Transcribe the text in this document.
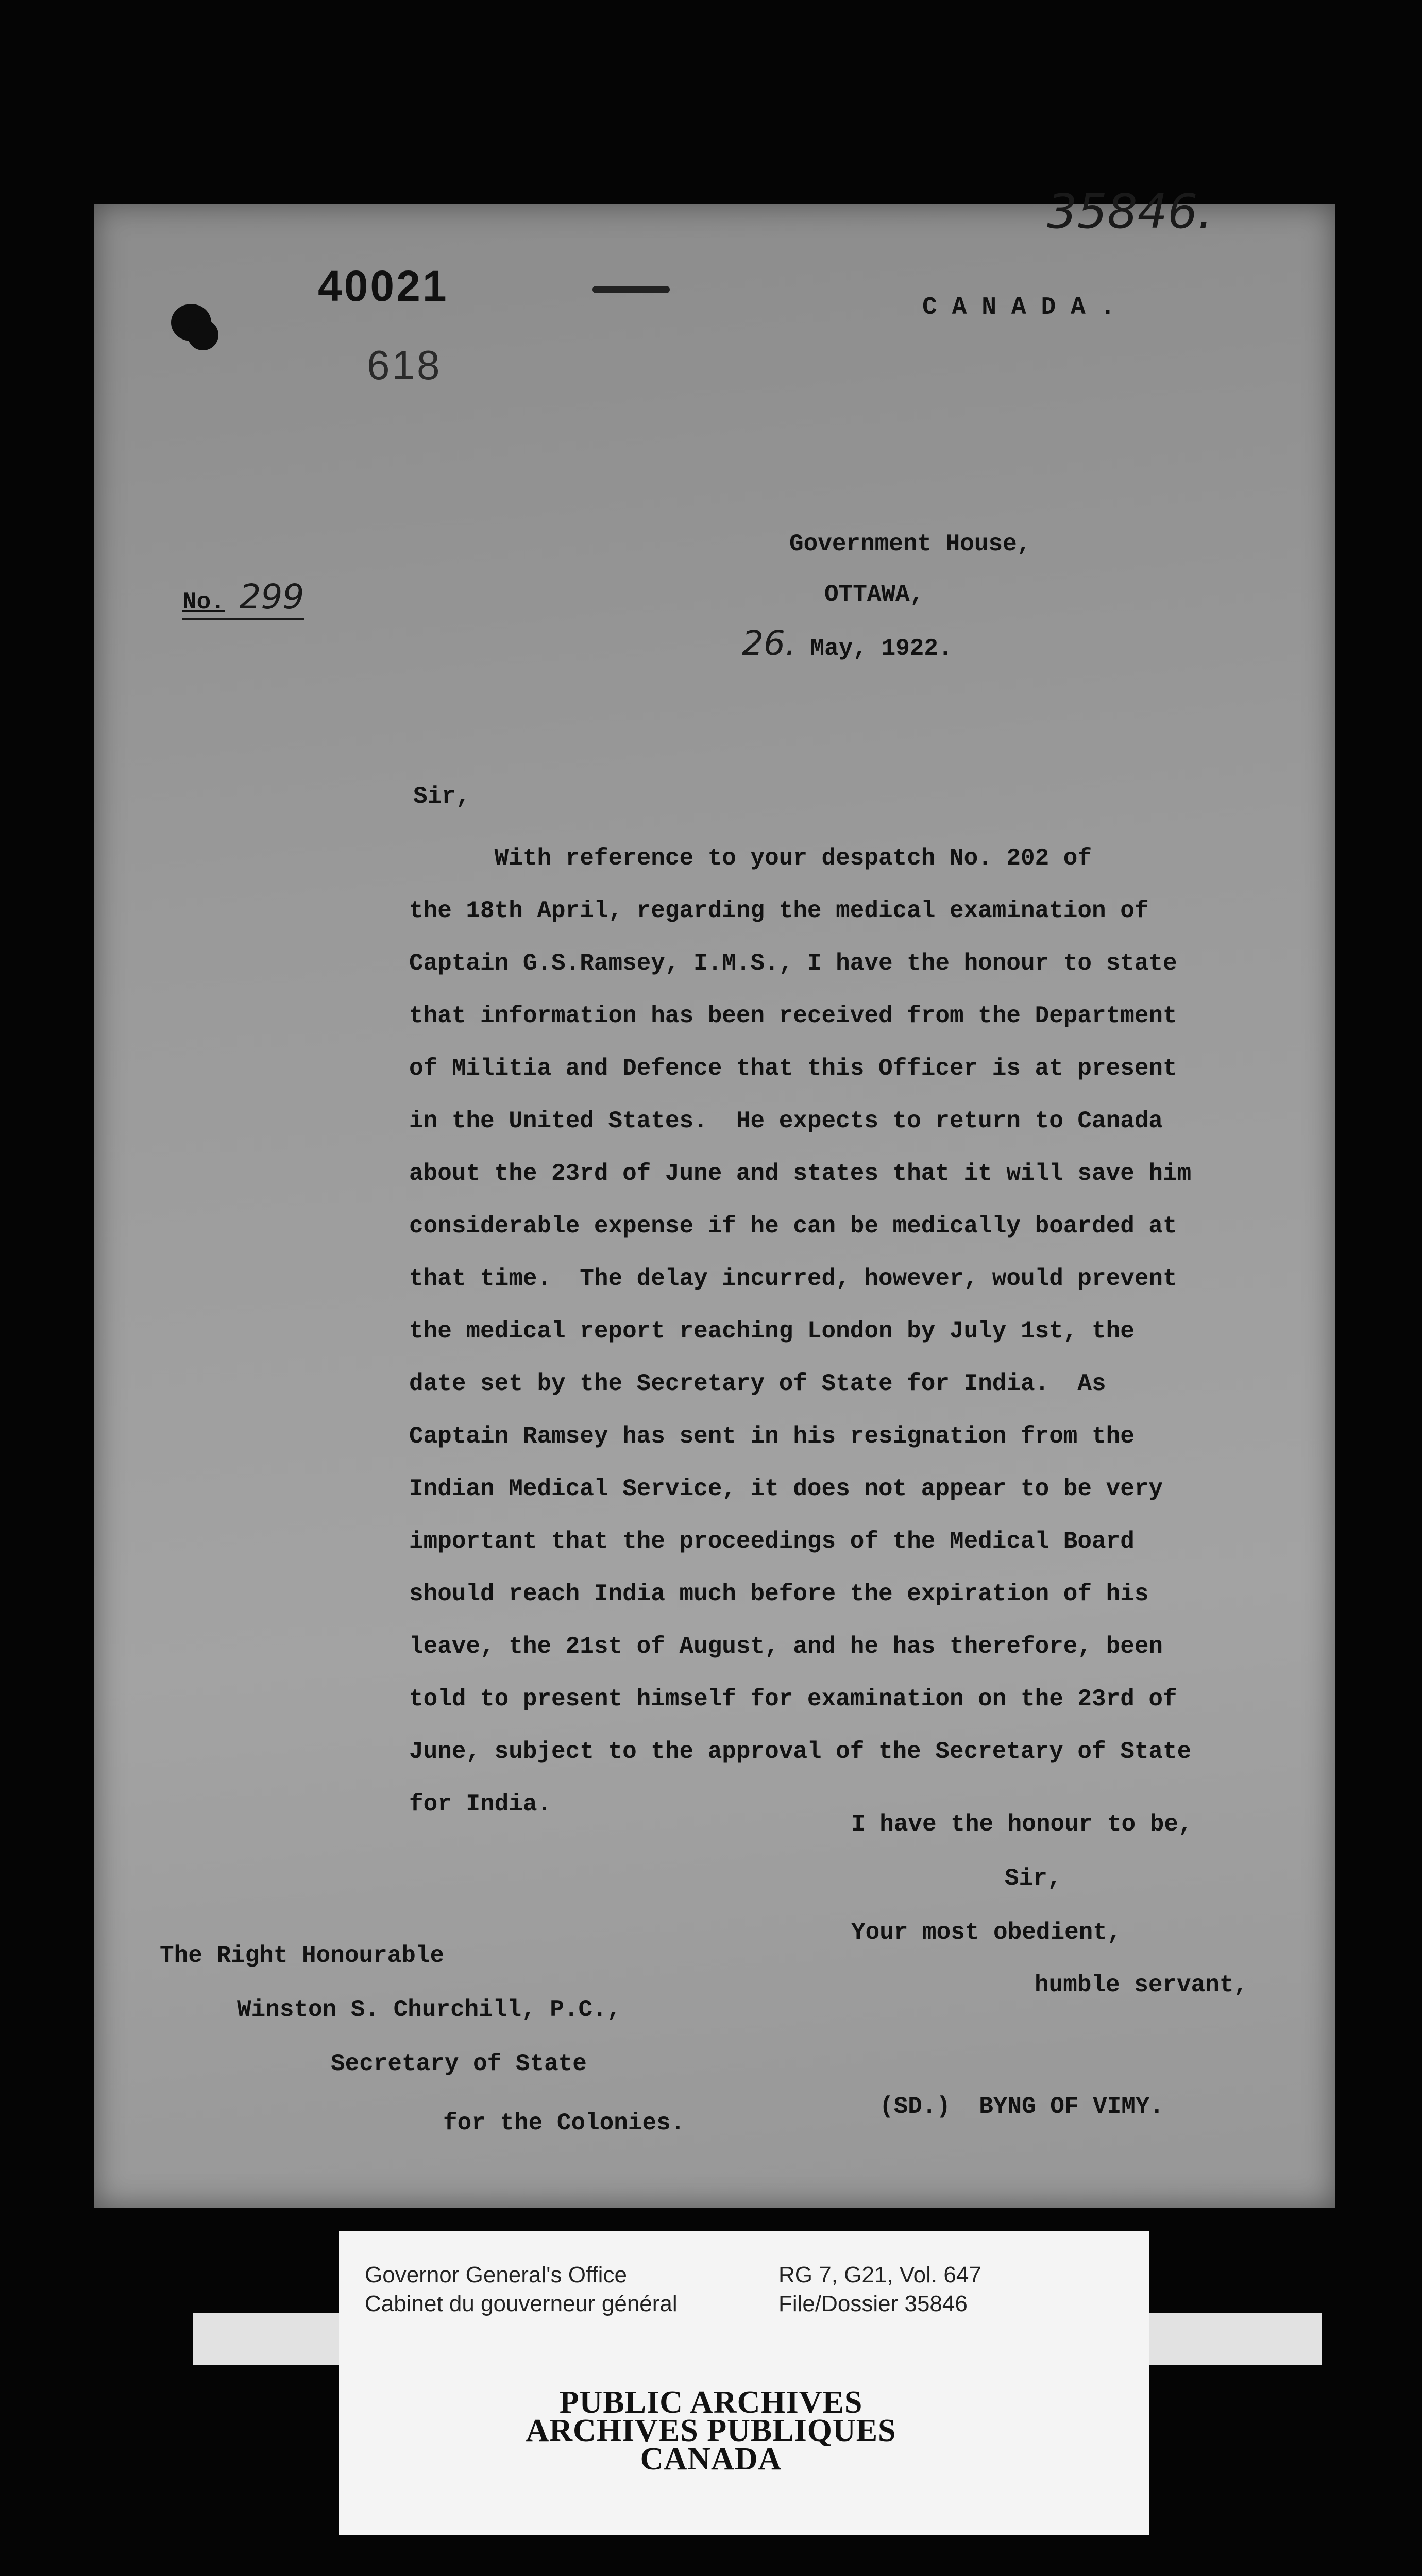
35846.
40021
618
C A N A D A .
No. 299
Government House,
OTTAWA,
26. May, 1922.
Sir,
With reference to your despatch No. 202 of
the 18th April, regarding the medical examination of
Captain G.S.Ramsey, I.M.S., I have the honour to state
that information has been received from the Department
of Militia and Defence that this Officer is at present
in the United States.  He expects to return to Canada
about the 23rd of June and states that it will save him
considerable expense if he can be medically boarded at
that time.  The delay incurred, however, would prevent
the medical report reaching London by July 1st, the
date set by the Secretary of State for India.  As
Captain Ramsey has sent in his resignation from the
Indian Medical Service, it does not appear to be very
important that the proceedings of the Medical Board
should reach India much before the expiration of his
leave, the 21st of August, and he has therefore, been
told to present himself for examination on the 23rd of
June, subject to the approval of the Secretary of State
for India.
I have the honour to be,
Sir,
Your most obedient,
humble servant,
The Right Honourable
Winston S. Churchill, P.C.,
Secretary of State
for the Colonies.
(SD.)  BYNG OF VIMY.
Governor General's Office
Cabinet du gouverneur général
RG 7, G21, Vol. 647
File/Dossier 35846
PUBLIC ARCHIVES
ARCHIVES PUBLIQUES
CANADA
